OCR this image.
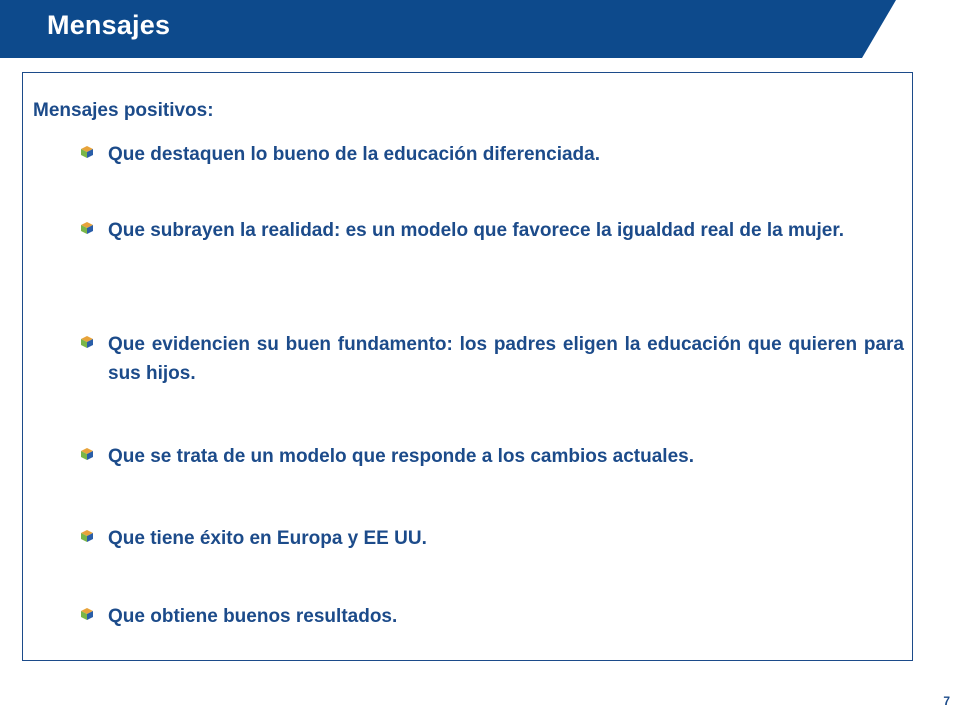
Mensajes
Mensajes positivos:
Que destaquen lo bueno de la educación diferenciada.
Que subrayen la realidad: es un modelo que favorece la igualdad real de la mujer.
Que evidencien su buen fundamento: los padres eligen la educación que quieren para sus hijos.
Que se trata de un modelo que responde a los cambios actuales.
Que tiene éxito en Europa y EE UU.
Que obtiene buenos resultados.
7
